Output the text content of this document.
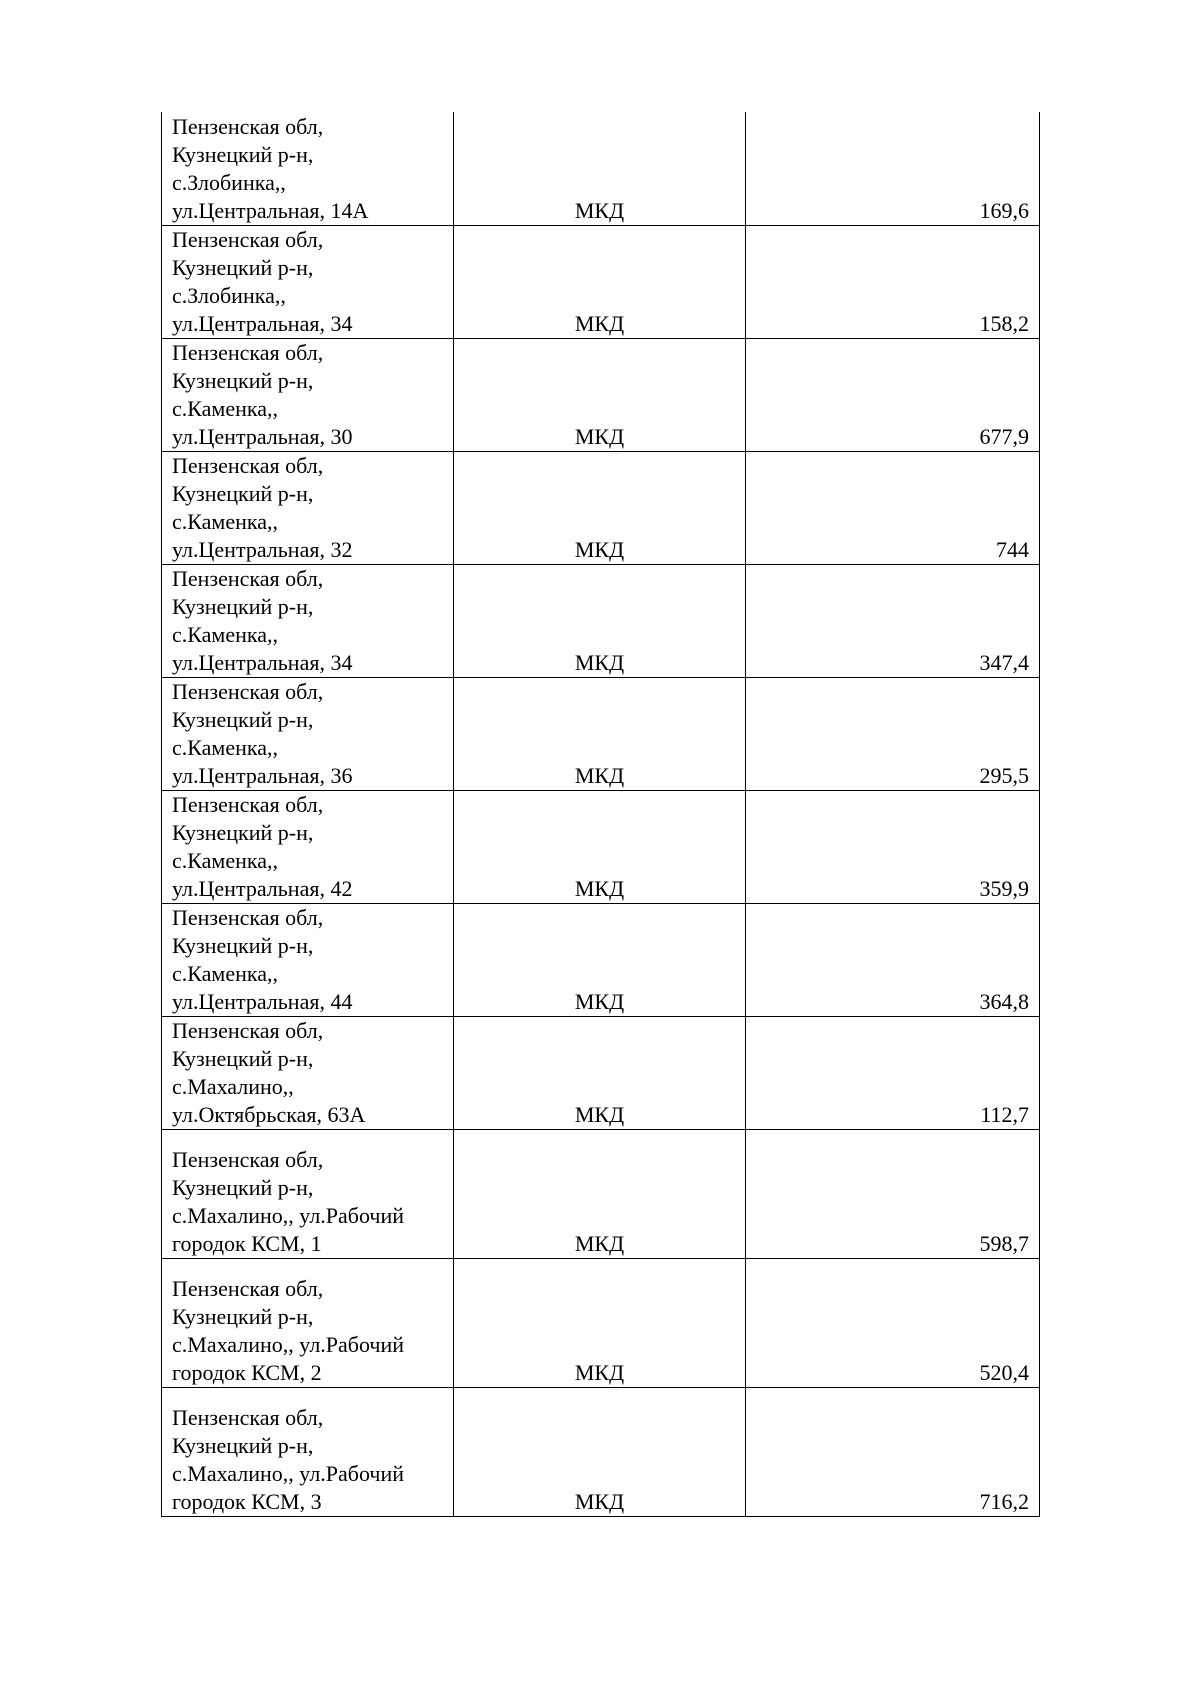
Пензенская обл,
Кузнецкий р-н,
с.Злобинка,,
ул.Центральная, 14А	МКД	169,6

Пензенская обл,
Кузнецкий р-н,
с.Злобинка,,
ул.Центральная, 34	МКД	158,2

Пензенская обл,
Кузнецкий р-н,
с.Каменка,,
ул.Центральная, 30	МКД	677,9

Пензенская обл,
Кузнецкий р-н,
с.Каменка,,
ул.Центральная, 32	МКД	744

Пензенская обл,
Кузнецкий р-н,
с.Каменка,,
ул.Центральная, 34	МКД	347,4

Пензенская обл,
Кузнецкий р-н,
с.Каменка,,
ул.Центральная, 36	МКД	295,5

Пензенская обл,
Кузнецкий р-н,
с.Каменка,,
ул.Центральная, 42	МКД	359,9

Пензенская обл,
Кузнецкий р-н,
с.Каменка,,
ул.Центральная, 44	МКД	364,8

Пензенская обл,
Кузнецкий р-н,
с.Махалино,,
ул.Октябрьская, 63А	МКД	112,7

Пензенская обл,
Кузнецкий р-н,
с.Махалино,, ул.Рабочий
городок КСМ, 1	МКД	598,7

Пензенская обл,
Кузнецкий р-н,
с.Махалино,, ул.Рабочий
городок КСМ, 2	МКД	520,4

Пензенская обл,
Кузнецкий р-н,
с.Махалино,, ул.Рабочий
городок КСМ, 3	МКД	716,2
